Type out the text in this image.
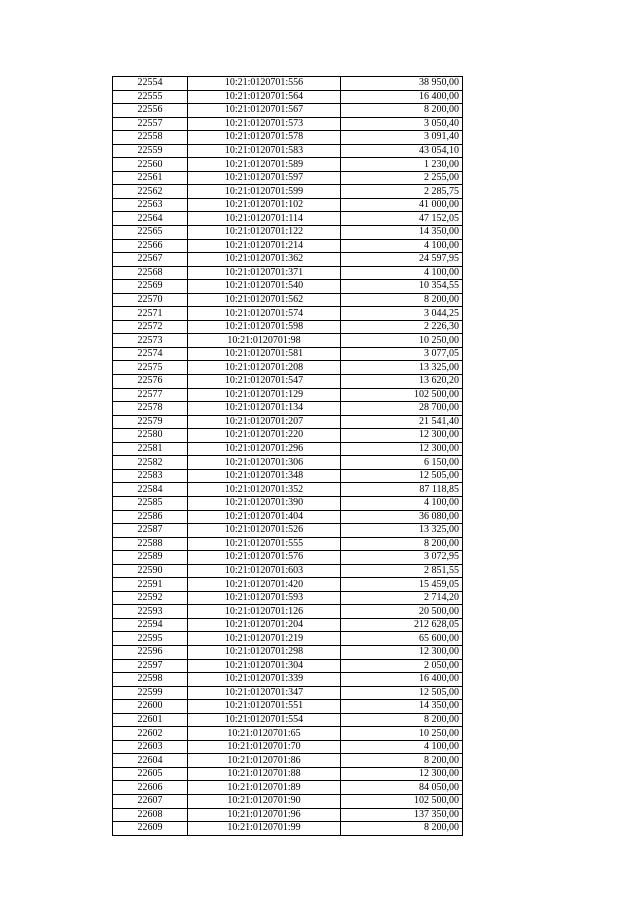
22554	10:21:0120701:556	38 950,00
22555	10:21:0120701:564	16 400,00
22556	10:21:0120701:567	8 200,00
22557	10:21:0120701:573	3 050,40
22558	10:21:0120701:578	3 091,40
22559	10:21:0120701:583	43 054,10
22560	10:21:0120701:589	1 230,00
22561	10:21:0120701:597	2 255,00
22562	10:21:0120701:599	2 285,75
22563	10:21:0120701:102	41 000,00
22564	10:21:0120701:114	47 152,05
22565	10:21:0120701:122	14 350,00
22566	10:21:0120701:214	4 100,00
22567	10:21:0120701:362	24 597,95
22568	10:21:0120701:371	4 100,00
22569	10:21:0120701:540	10 354,55
22570	10:21:0120701:562	8 200,00
22571	10:21:0120701:574	3 044,25
22572	10:21:0120701:598	2 226,30
22573	10:21:0120701:98	10 250,00
22574	10:21:0120701:581	3 077,05
22575	10:21:0120701:208	13 325,00
22576	10:21:0120701:547	13 620,20
22577	10:21:0120701:129	102 500,00
22578	10:21:0120701:134	28 700,00
22579	10:21:0120701:207	21 541,40
22580	10:21:0120701:220	12 300,00
22581	10:21:0120701:296	12 300,00
22582	10:21:0120701:306	6 150,00
22583	10:21:0120701:348	12 505,00
22584	10:21:0120701:352	87 118,85
22585	10:21:0120701:390	4 100,00
22586	10:21:0120701:404	36 080,00
22587	10:21:0120701:526	13 325,00
22588	10:21:0120701:555	8 200,00
22589	10:21:0120701:576	3 072,95
22590	10:21:0120701:603	2 851,55
22591	10:21:0120701:420	15 459,05
22592	10:21:0120701:593	2 714,20
22593	10:21:0120701:126	20 500,00
22594	10:21:0120701:204	212 628,05
22595	10:21:0120701:219	65 600,00
22596	10:21:0120701:298	12 300,00
22597	10:21:0120701:304	2 050,00
22598	10:21:0120701:339	16 400,00
22599	10:21:0120701:347	12 505,00
22600	10:21:0120701:551	14 350,00
22601	10:21:0120701:554	8 200,00
22602	10:21:0120701:65	10 250,00
22603	10:21:0120701:70	4 100,00
22604	10:21:0120701:86	8 200,00
22605	10:21:0120701:88	12 300,00
22606	10:21:0120701:89	84 050,00
22607	10:21:0120701:90	102 500,00
22608	10:21:0120701:96	137 350,00
22609	10:21:0120701:99	8 200,00
